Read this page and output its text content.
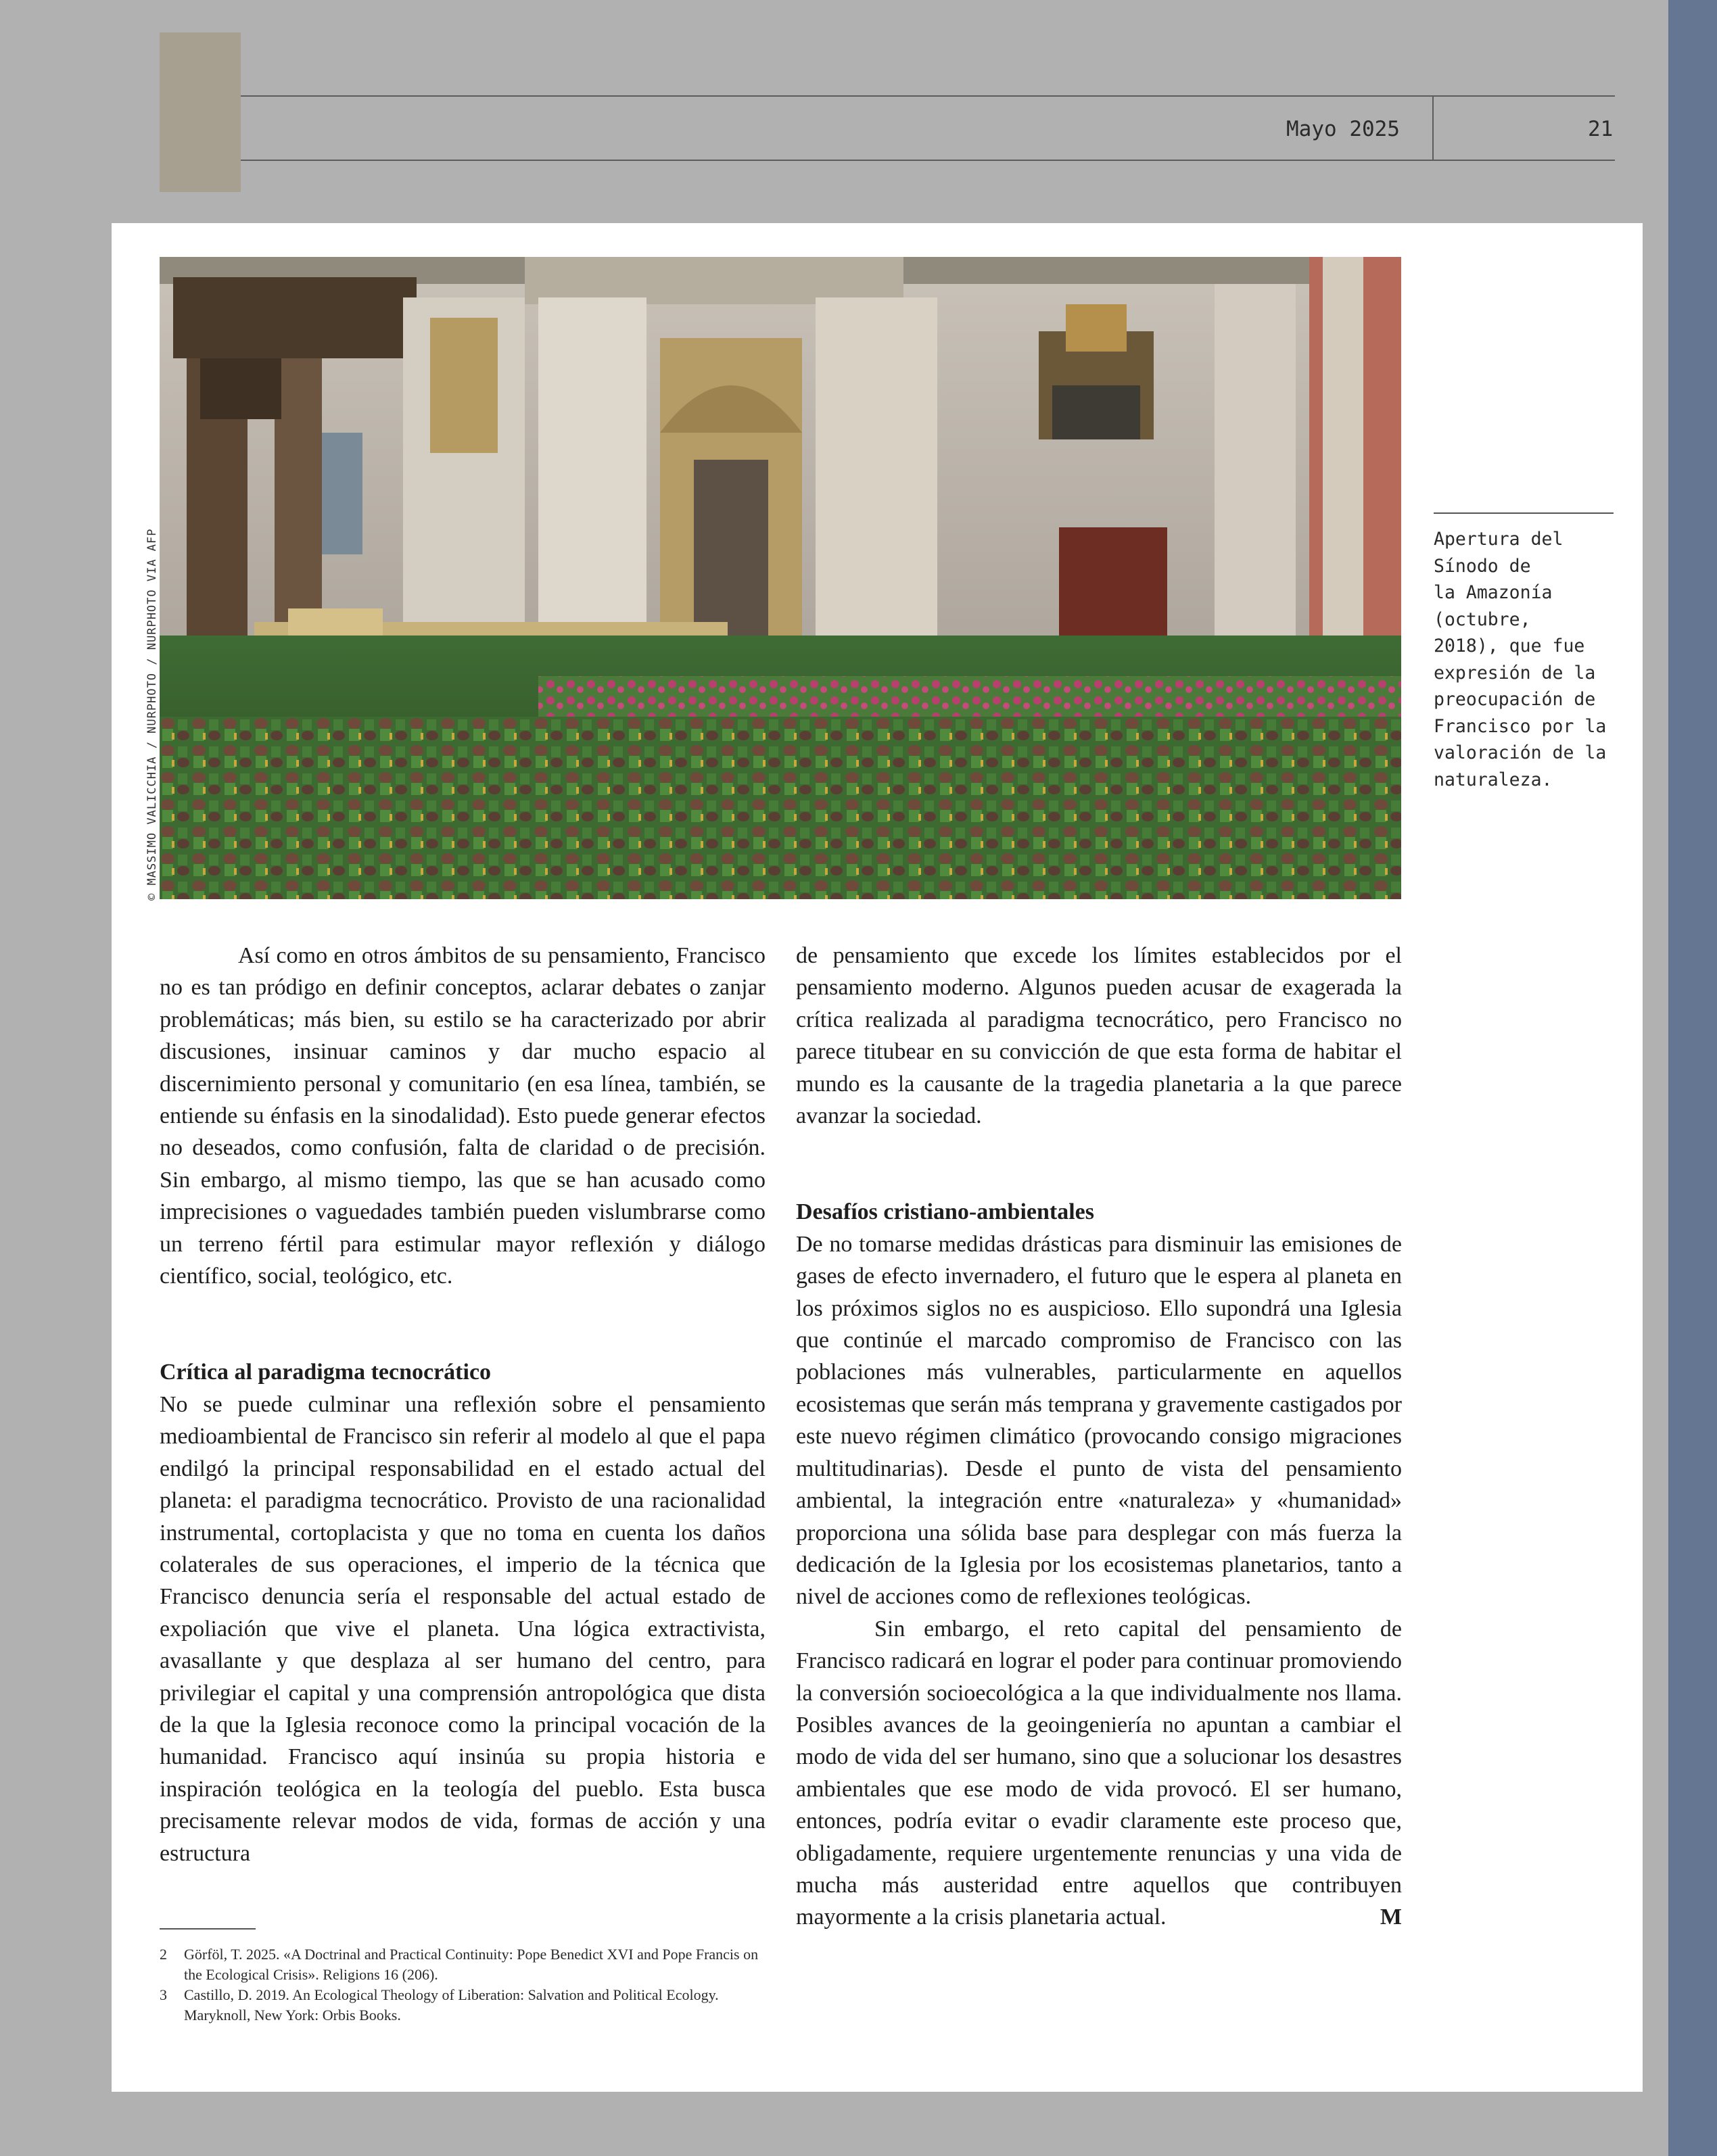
Mayo 2025	21
© MASSIMO VALICCHIA / NURPHOTO / NURPHOTO VIA AFP	Apertura del
Sínodo de
la Amazonía
(octubre,
2018), que fue
expresión de la
preocupación de
Francisco por la
valoración de la
naturaleza.

Así como en otros ámbitos de su pensamiento, Francisco no es tan pródigo en definir conceptos, aclarar debates o zanjar problemáticas; más bien, su estilo se ha caracterizado por abrir discusiones, insinuar caminos y dar mucho espacio al discernimiento personal y comunitario (en esa línea, también, se entiende su énfasis en la sinodalidad). Esto puede generar efectos no deseados, como confusión, falta de claridad o de precisión. Sin embargo, al mismo tiempo, las que se han acusado como imprecisiones o vaguedades también pueden vislumbrarse como un terreno fértil para estimular mayor reflexión y diálogo científico, social, teológico, etc.

Crítica al paradigma tecnocrático

No se puede culminar una reflexión sobre el pensamiento medioambiental de Francisco sin referir al modelo al que el papa endilgó la principal responsabilidad en el estado actual del planeta: el paradigma tecnocrático. Provisto de una racionalidad instrumental, cortoplacista y que no toma en cuenta los daños colaterales de sus operaciones, el imperio de la técnica que Francisco denuncia sería el responsable del actual estado de expoliación que vive el planeta. Una lógica extractivista, avasallante y que desplaza al ser humano del centro, para privilegiar el capital y una comprensión antropológica que dista de la que la Iglesia reconoce como la principal vocación de la humanidad. Francisco aquí insinúa su propia historia e inspiración teológica en la teología del pueblo. Esta busca precisamente relevar modos de vida, formas de acción y una estructura

de pensamiento que excede los límites establecidos por el pensamiento moderno. Algunos pueden acusar de exagerada la crítica realizada al paradigma tecnocrático, pero Francisco no parece titubear en su convicción de que esta forma de habitar el mundo es la causante de la tragedia planetaria a la que parece avanzar la sociedad.

Desafíos cristiano-ambientales

De no tomarse medidas drásticas para disminuir las emisiones de gases de efecto invernadero, el futuro que le espera al planeta en los próximos siglos no es auspicioso. Ello supondrá una Iglesia que continúe el marcado compromiso de Francisco con las poblaciones más vulnerables, particularmente en aquellos ecosistemas que serán más temprana y gravemente castigados por este nuevo régimen climático (provocando consigo migraciones multitudinarias). Desde el punto de vista del pensamiento ambiental, la integración entre «naturaleza» y «humanidad» proporciona una sólida base para desplegar con más fuerza la dedicación de la Iglesia por los ecosistemas planetarios, tanto a nivel de acciones como de reflexiones teológicas.

Sin embargo, el reto capital del pensamiento de Francisco radicará en lograr el poder para continuar promoviendo la conversión socioecológica a la que individualmente nos llama. Posibles avances de la geoingeniería no apuntan a cambiar el modo de vida del ser humano, sino que a solucionar los desastres ambientales que ese modo de vida provocó. El ser humano, entonces, podría evitar o evadir claramente este proceso que, obligadamente, requiere urgentemente renuncias y una vida de mucha más austeridad entre aquellos que contribuyen mayormente a la crisis planetaria actual.	M

2	Görföl, T. 2025. «A Doctrinal and Practical Continuity: Pope Benedict XVI and Pope Francis on the Ecological Crisis». Religions 16 (206).
3	Castillo, D. 2019. An Ecological Theology of Liberation: Salvation and Political Ecology. Maryknoll, New York: Orbis Books.
